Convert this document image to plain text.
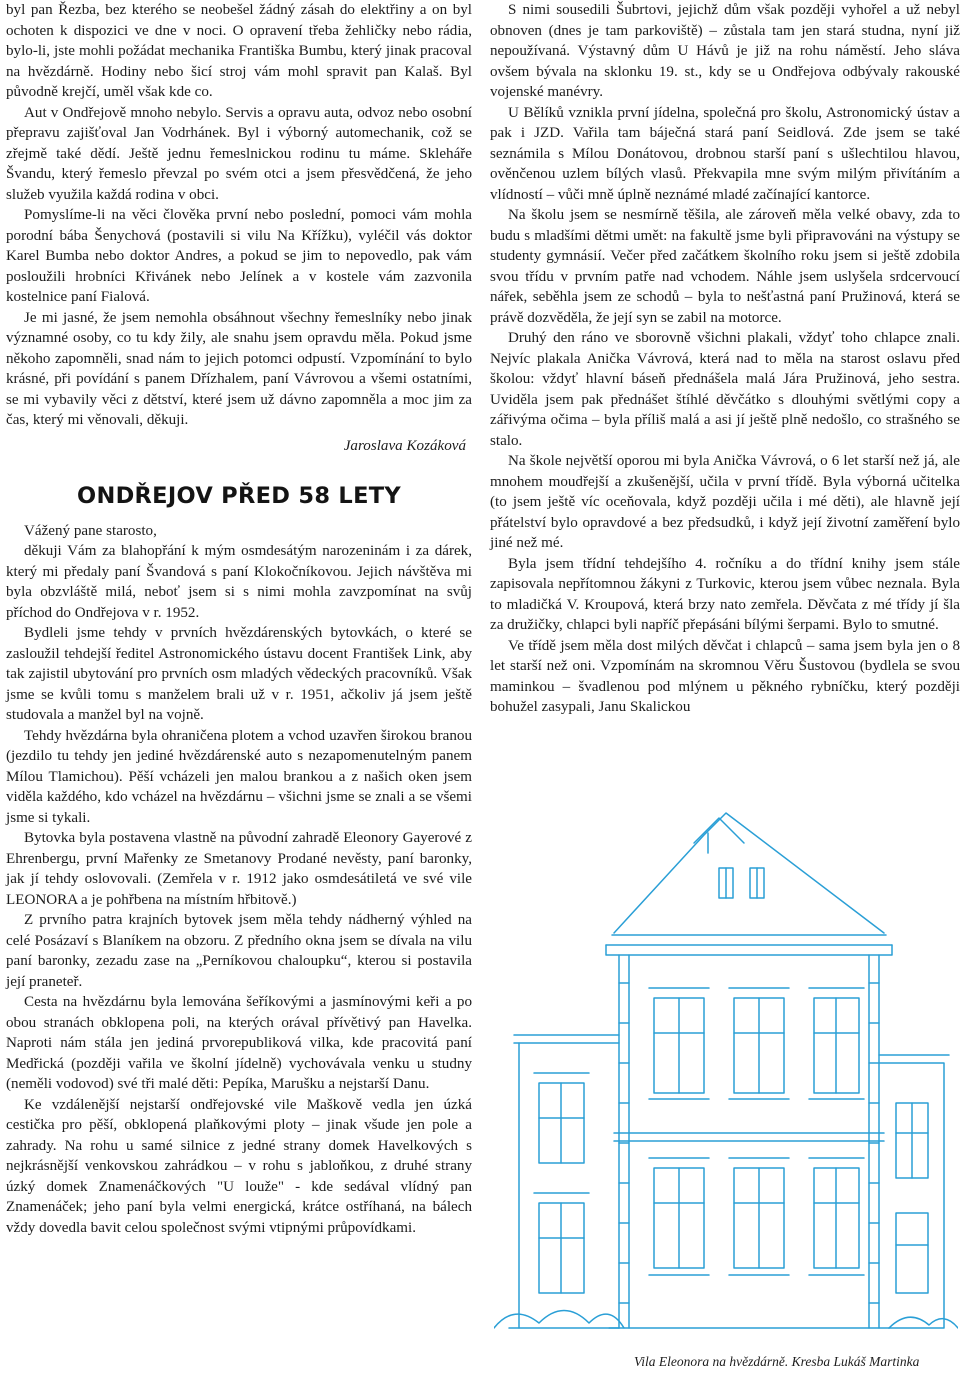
byl pan Řezba, bez kterého se neobešel žádný zásah do elektřiny a on byl ochoten k dispozici ve dne v noci. O opravení třeba žehličky nebo rádia, bylo-li, jste mohli požádat mechanika Františka Bumbu, který jinak pracoval na hvězdárně. Hodiny nebo šicí stroj vám mohl spravit pan Kalaš. Byl původně krejčí, uměl však kde co.

Aut v Ondřejově mnoho nebylo. Servis a opravu auta, odvoz nebo osobní přepravu zajišťoval Jan Vodrhánek. Byl i výborný automechanik, což se zřejmě také dědí. Ještě jednu řemeslnickou rodinu tu máme. Skleháře Švandu, který řemeslo převzal po svém otci a jsem přesvědčená, že jeho služeb využila každá rodina v obci.

Pomyslíme-li na věci člověka první nebo poslední, pomoci vám mohla porodní bába Šenychová (postavili si vilu Na Křížku), vyléčil vás doktor Karel Bumba nebo doktor Andres, a pokud se jim to nepovedlo, pak vám posloužili hrobníci Křivánek nebo Jelínek a v kostele vám zazvonila kostelnice paní Fialová.

Je mi jasné, že jsem nemohla obsáhnout všechny řemeslníky nebo jinak významné osoby, co tu kdy žily, ale snahu jsem opravdu měla. Pokud jsme někoho zapomněli, snad nám to jejich potomci odpustí. Vzpomínání to bylo krásné, při povídání s panem Dřízhalem, paní Vávrovou a všemi ostatními, se mi vybavily věci z dětství, které jsem už dávno zapomněla a moc jim za čas, který mi věnovali, děkuji.

Jaroslava Kozáková
ONDŘEJOV PŘED 58 LETY

Vážený pane starosto,

děkuji Vám za blahopřání k mým osmdesátým narozeninám i za dárek, který mi předaly paní Švandová s paní Klokočníkovou. Jejich návštěva mi byla obzvláště milá, neboť jsem si s nimi mohla zavzpomínat na svůj příchod do Ondřejova v r. 1952.

Bydleli jsme tehdy v prvních hvězdárenských bytovkách, o které se zasloužil tehdejší ředitel Astronomického ústavu docent František Link, aby tak zajistil ubytování pro prvních osm mladých vědeckých pracovníků. Však jsme se kvůli tomu s manželem brali už v r. 1951, ačkoliv já jsem ještě studovala a manžel byl na vojně.

Tehdy hvězdárna byla ohraničena plotem a vchod uzavřen širokou branou (jezdilo tu tehdy jen jediné hvězdárenské auto s nezapomenutelným panem Mílou Tlamichou). Pěší vcházeli jen malou brankou a z našich oken jsem viděla každého, kdo vcházel na hvězdárnu – všichni jsme se znali a se všemi jsme si tykali.

Bytovka byla postavena vlastně na původní zahradě Eleonory Gayerové z Ehrenbergu, první Mařenky ze Smetanovy Prodané nevěsty, paní baronky, jak jí tehdy oslovovali. (Zemřela v r. 1912 jako osmdesátiletá ve své vile LEONORA a je pohřbena na místním hřbitově.)

Z prvního patra krajních bytovek jsem měla tehdy nádherný výhled na celé Posázaví s Blaníkem na obzoru. Z předního okna jsem se dívala na vilu paní baronky, zezadu zase na „Perníkovou chaloupku“, kterou si postavila její praneteř.

Cesta na hvězdárnu byla lemována šeříkovými a jasmínovými keři a po obou stranách obklopena poli, na kterých orával přívětivý pan Havelka. Naproti nám stála jen jediná prvorepubliková vilka, kde pracovitá paní Medřická (později vařila ve školní jídelně) vychovávala venku u studny (neměli vodovod) své tři malé děti: Pepíka, Marušku a nejstarší Danu.

Ke vzdálenější nejstarší ondřejovské vile Maškově vedla jen úzká cestička pro pěší, obklopená plaňkovými ploty – jinak všude jen pole a zahrady. Na rohu u samé silnice z jedné strany domek Havelkových s nejkrásnější venkovskou zahrádkou – v rohu s jabloňkou, z druhé strany úzký domek Znamenáčkových "U louže" - kde sedával vlídný pan Znamenáček; jeho paní byla velmi energická, krátce ostříhaná, na bálech vždy dovedla bavit celou společnost svými vtipnými průpovídkami.

S nimi sousedili Šubrtovi, jejichž dům však později vyhořel a už nebyl obnoven (dnes je tam parkoviště) – zůstala tam jen stará studna, nyní již nepoužívaná. Výstavný dům U Hávů je již na rohu náměstí. Jeho sláva ovšem bývala na sklonku 19. st., kdy se u Ondřejova odbývaly rakouské vojenské manévry.

U Bělíků vznikla první jídelna, společná pro školu, Astronomický ústav a pak i JZD. Vařila tam báječná stará paní Seidlová. Zde jsem se také seznámila s Mílou Donátovou, drobnou starší paní s ušlechtilou hlavou, ověnčenou uzlem bílých vlasů. Překvapila mne svým milým přivítáním a vlídností – vůči mně úplně neznámé mladé začínající kantorce.

Na školu jsem se nesmírně těšila, ale zároveň měla velké obavy, zda to budu s mladšími dětmi umět: na fakultě jsme byli připravováni na výstupy se studenty gymnásií. Večer před začátkem školního roku jsem si ještě zdobila svou třídu v prvním patře nad vchodem. Náhle jsem uslyšela srdcervoucí nářek, seběhla jsem ze schodů – byla to nešťastná paní Pružinová, která se právě dozvěděla, že její syn se zabil na motorce.

Druhý den ráno ve sborovně všichni plakali, vždyť toho chlapce znali. Nejvíc plakala Anička Vávrová, která nad to měla na starost oslavu před školou: vždyť hlavní báseň přednášela malá Jára Pružinová, jeho sestra. Uviděla jsem pak přednášet štíhlé děvčátko s dlouhými světlými copy a zářivýma očima – byla příliš malá a asi jí ještě plně nedošlo, co strašného se stalo.

Na škole největší oporou mi byla Anička Vávrová, o 6 let starší než já, ale mnohem moudřejší a zkušenější, učila v první třídě. Byla výborná učitelka (to jsem ještě víc oceňovala, když později učila i mé děti), ale hlavně její přátelství bylo opravdové a bez předsudků, i když její životní zaměření bylo jiné než mé.

Byla jsem třídní tehdejšího 4. ročníku a do třídní knihy jsem stále zapisovala nepřítomnou žákyni z Turkovic, kterou jsem vůbec neznala. Byla to mladičká V. Kroupová, která brzy nato zemřela. Děvčata z mé třídy jí šla za družičky, chlapci byli napříč přepásáni bílými šerpami. Bylo to smutné.

Ve třídě jsem měla dost milých děvčat i chlapců – sama jsem byla jen o 8 let starší než oni. Vzpomínám na skromnou Věru Šustovou (bydlela se svou maminkou – švadlenou pod mlýnem u pěkného rybníčku, který později bohužel zasypali, Janu Skalickou

Vila Eleonora na hvězdárně. Kresba Lukáš Martinka
